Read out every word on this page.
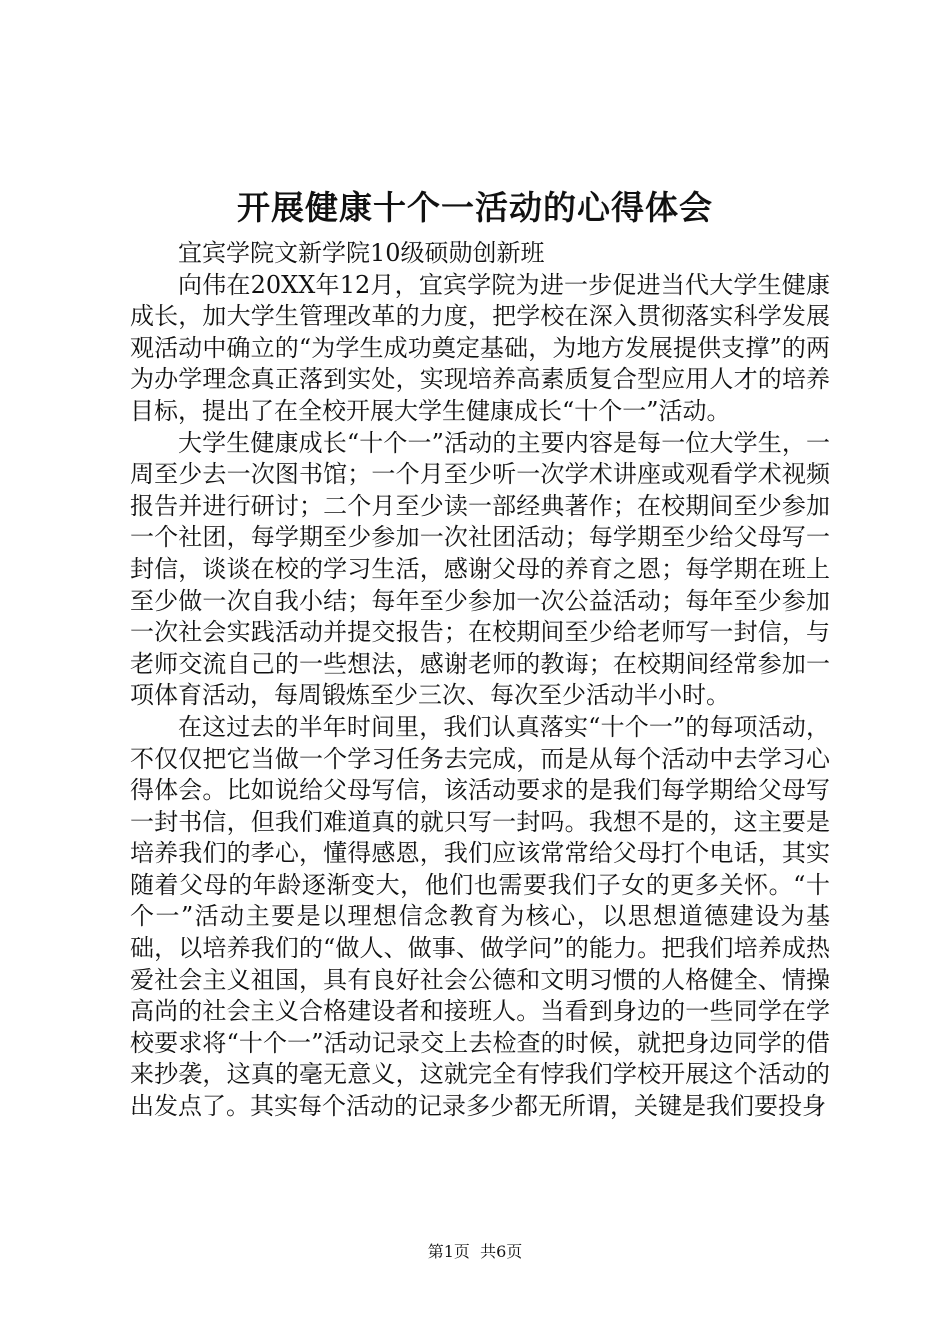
开展健康十个一活动的心得体会

宜宾学院文新学院10级硕勋创新班

向伟在20XX年12月，宜宾学院为进一步促进当代大学生健康成长，加大学生管理改革的力度，把学校在深入贯彻落实科学发展观活动中确立的“为学生成功奠定基础，为地方发展提供支撑”的两为办学理念真正落到实处，实现培养高素质复合型应用人才的培养目标，提出了在全校开展大学生健康成长“十个一”活动。

大学生健康成长“十个一”活动的主要内容是每一位大学生，一周至少去一次图书馆；一个月至少听一次学术讲座或观看学术视频报告并进行研讨；二个月至少读一部经典著作；在校期间至少参加一个社团，每学期至少参加一次社团活动；每学期至少给父母写一封信，谈谈在校的学习生活，感谢父母的养育之恩；每学期在班上至少做一次自我小结；每年至少参加一次公益活动；每年至少参加一次社会实践活动并提交报告；在校期间至少给老师写一封信，与老师交流自己的一些想法，感谢老师的教诲；在校期间经常参加一项体育活动，每周锻炼至少三次、每次至少活动半小时。

在这过去的半年时间里，我们认真落实“十个一”的每项活动，不仅仅把它当做一个学习任务去完成，而是从每个活动中去学习心得体会。比如说给父母写信，该活动要求的是我们每学期给父母写一封书信，但我们难道真的就只写一封吗。我想不是的，这主要是培养我们的孝心，懂得感恩，我们应该常常给父母打个电话，其实随着父母的年龄逐渐变大，他们也需要我们子女的更多关怀。“十个一”活动主要是以理想信念教育为核心，以思想道德建设为基础，以培养我们的“做人、做事、做学问”的能力。把我们培养成热爱社会主义祖国，具有良好社会公德和文明习惯的人格健全、情操高尚的社会主义合格建设者和接班人。当看到身边的一些同学在学校要求将“十个一”活动记录交上去检查的时候，就把身边同学的借来抄袭，这真的毫无意义，这就完全有悖我们学校开展这个活动的出发点了。其实每个活动的记录多少都无所谓，关键是我们要投身

第1页 共6页
